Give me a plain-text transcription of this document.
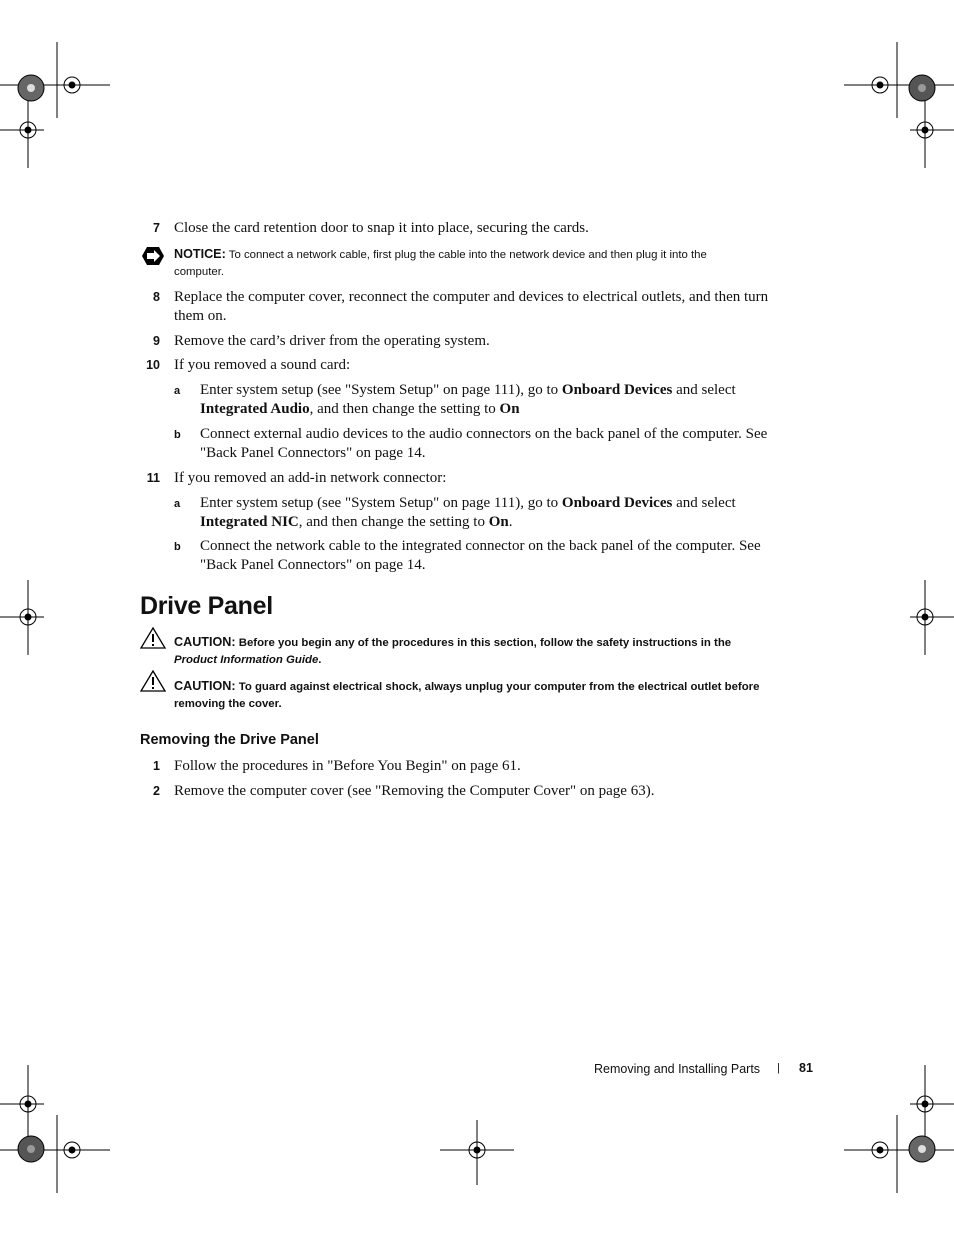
7 Close the card retention door to snap it into place, securing the cards.
NOTICE: To connect a network cable, first plug the cable into the network device and then plug it into the
computer.
8 Replace the computer cover, reconnect the computer and devices to electrical outlets, and then turn
them on.
9 Remove the card’s driver from the operating system.
10 If you removed a sound card:
a Enter system setup (see "System Setup" on page 111), go to Onboard Devices and select
Integrated Audio, and then change the setting to On
b Connect external audio devices to the audio connectors on the back panel of the computer. See
"Back Panel Connectors" on page 14.
11 If you removed an add-in network connector:
a Enter system setup (see "System Setup" on page 111), go to Onboard Devices and select
Integrated NIC, and then change the setting to On.
b Connect the network cable to the integrated connector on the back panel of the computer. See
"Back Panel Connectors" on page 14.
Drive Panel
CAUTION: Before you begin any of the procedures in this section, follow the safety instructions in the
Product Information Guide.
CAUTION: To guard against electrical shock, always unplug your computer from the electrical outlet before
removing the cover.
Removing the Drive Panel
1 Follow the procedures in "Before You Begin" on page 61.
2 Remove the computer cover (see "Removing the Computer Cover" on page 63).
Removing and Installing Parts | 81
